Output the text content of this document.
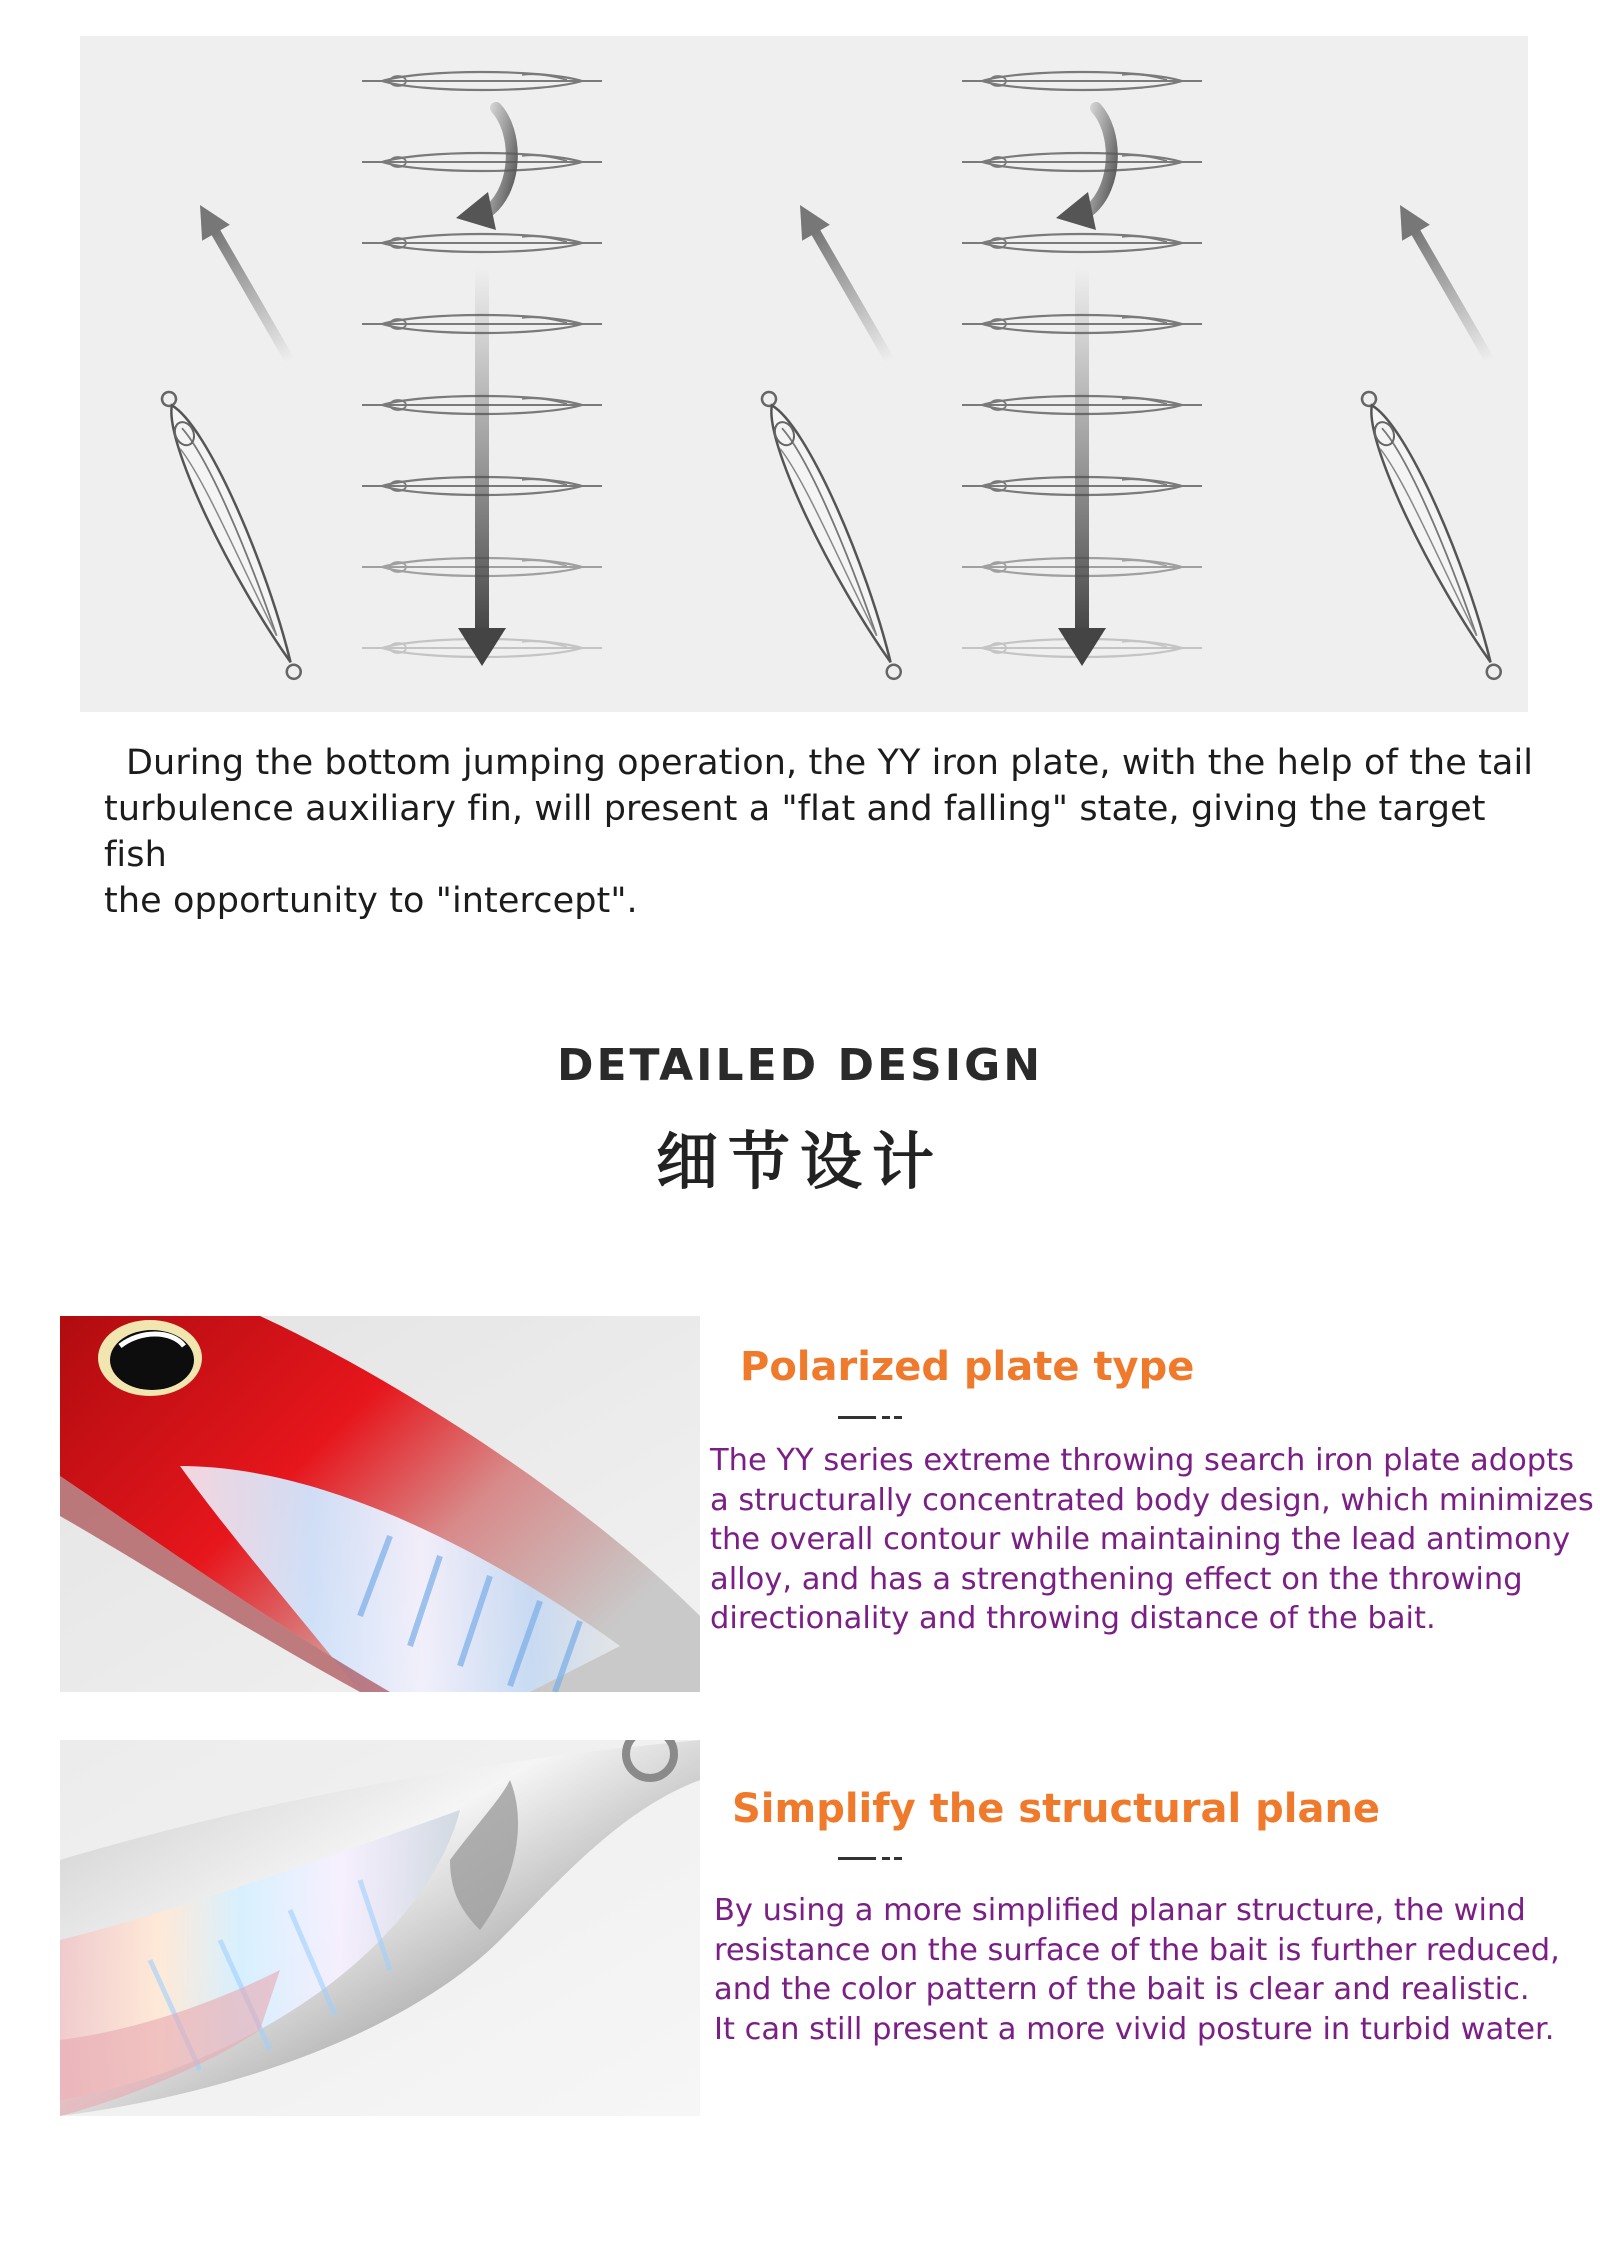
During the bottom jumping operation, the YY iron plate, with the help of the tail
turbulence auxiliary fin, will present a "flat and falling" state, giving the target fish
the opportunity to "intercept".
DETAILED DESIGN
细节设计
Polarized plate type

The YY series extreme throwing search iron plate adopts

a structurally concentrated body design, which minimizes

the overall contour while maintaining the lead antimony

alloy, and has a strengthening effect on the throwing

directionality and throwing distance of the bait.

Simplify the structural plane

By using a more simplified planar structure, the wind

resistance on the surface of the bait is further reduced,

and the color pattern of the bait is clear and realistic.

It can still present a more vivid posture in turbid water.
